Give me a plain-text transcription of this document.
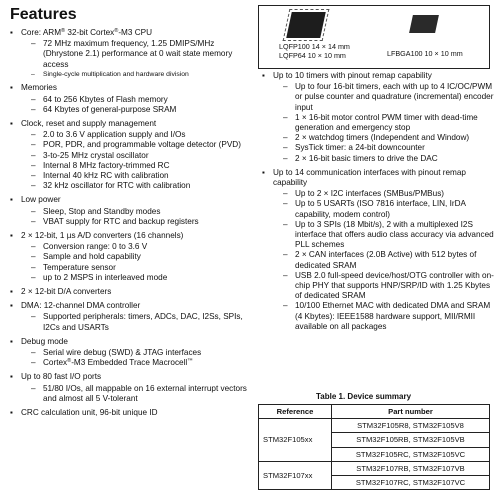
Features
▪ Core: ARM® 32-bit Cortex®-M3 CPU
– 72 MHz maximum frequency, 1.25 DMIPS/MHz (Dhrystone 2.1) performance at 0 wait state memory access
– Single-cycle multiplication and hardware division
▪ Memories
– 64 to 256 Kbytes of Flash memory
– 64 Kbytes of general-purpose SRAM
▪ Clock, reset and supply management
– 2.0 to 3.6 V application supply and I/Os
– POR, PDR, and programmable voltage detector (PVD)
– 3-to-25 MHz crystal oscillator
– Internal 8 MHz factory-trimmed RC
– Internal 40 kHz RC with calibration
– 32 kHz oscillator for RTC with calibration
▪ Low power
– Sleep, Stop and Standby modes
– VBAT supply for RTC and backup registers
▪ 2 × 12-bit, 1 µs A/D converters (16 channels)
– Conversion range: 0 to 3.6 V
– Sample and hold capability
– Temperature sensor
– up to 2 MSPS in interleaved mode
▪ 2 × 12-bit D/A converters
▪ DMA: 12-channel DMA controller
– Supported peripherals: timers, ADCs, DAC, I2Ss, SPIs, I2Cs and USARTs
▪ Debug mode
– Serial wire debug (SWD) & JTAG interfaces
– Cortex®-M3 Embedded Trace Macrocell™
▪ Up to 80 fast I/O ports
– 51/80 I/Os, all mappable on 16 external interrupt vectors and almost all 5 V-tolerant
▪ CRC calculation unit, 96-bit unique ID
LQFP100 14 × 14 mm
LQFP64 10 × 10 mm	LFBGA100 10 × 10 mm
▪ Up to 10 timers with pinout remap capability
– Up to four 16-bit timers, each with up to 4 IC/OC/PWM or pulse counter and quadrature (incremental) encoder input
– 1 × 16-bit motor control PWM timer with dead-time generation and emergency stop
– 2 × watchdog timers (Independent and Window)
– SysTick timer: a 24-bit downcounter
– 2 × 16-bit basic timers to drive the DAC
▪ Up to 14 communication interfaces with pinout remap capability
– Up to 2 × I2C interfaces (SMBus/PMBus)
– Up to 5 USARTs (ISO 7816 interface, LIN, IrDA capability, modem control)
– Up to 3 SPIs (18 Mbit/s), 2 with a multiplexed I2S interface that offers audio class accuracy via advanced PLL schemes
– 2 × CAN interfaces (2.0B Active) with 512 bytes of dedicated SRAM
– USB 2.0 full-speed device/host/OTG controller with on-chip PHY that supports HNP/SRP/ID with 1.25 Kbytes of dedicated SRAM
– 10/100 Ethernet MAC with dedicated DMA and SRAM (4 Kbytes): IEEE1588 hardware support, MII/RMII available on all packages
Table 1. Device summary
Reference	Part number
STM32F105xx	STM32F105R8, STM32F105V8
	STM32F105RB, STM32F105VB
	STM32F105RC, STM32F105VC
STM32F107xx	STM32F107RB, STM32F107VB
	STM32F107RC, STM32F107VC
